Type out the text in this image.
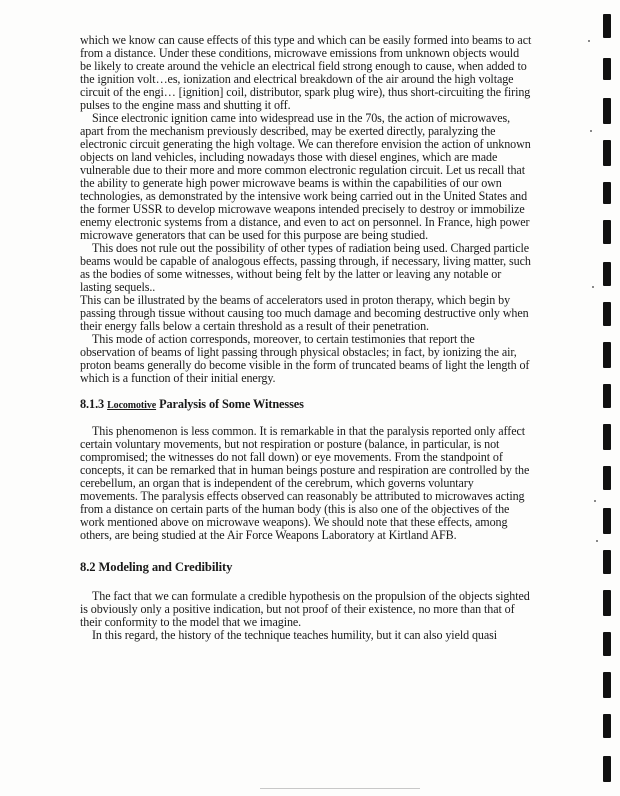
which we know can cause effects of this type and which can be easily formed into beams to act from a distance. Under these conditions, microwave emissions from unknown objects would be likely to create around the vehicle an electrical field strong enough to cause, when added to the ignition volt…es, ionization and electrical breakdown of the air around the high voltage circuit of the engi… [ignition] coil, distributor, spark plug wire), thus short-circuiting the firing pulses to the engine mass and shutting it off.

Since electronic ignition came into widespread use in the 70s, the action of microwaves, apart from the mechanism previously described, may be exerted directly, paralyzing the electronic circuit generating the high voltage. We can therefore envision the action of unknown objects on land vehicles, including nowadays those with diesel engines, which are made vulnerable due to their more and more common electronic regulation circuit. Let us recall that the ability to generate high power microwave beams is within the capabilities of our own technologies, as demonstrated by the intensive work being carried out in the United States and the former USSR to develop microwave weapons intended precisely to destroy or immobilize enemy electronic systems from a distance, and even to act on personnel. In France, high power microwave generators that can be used for this purpose are being studied.

This does not rule out the possibility of other types of radiation being used. Charged particle beams would be capable of analogous effects, passing through, if necessary, living matter, such as the bodies of some witnesses, without being felt by the latter or leaving any notable or lasting sequels..

This can be illustrated by the beams of accelerators used in proton therapy, which begin by passing through tissue without causing too much damage and becoming destructive only when their energy falls below a certain threshold as a result of their penetration.

This mode of action corresponds, moreover, to certain testimonies that report the observation of beams of light passing through physical obstacles; in fact, by ionizing the air, proton beams generally do become visible in the form of truncated beams of light the length of which is a function of their initial energy.

8.1.3 Locomotive Paralysis of Some Witnesses

This phenomenon is less common. It is remarkable in that the paralysis reported only affect certain voluntary movements, but not respiration or posture (balance, in particular, is not compromised; the witnesses do not fall down) or eye movements. From the standpoint of concepts, it can be remarked that in human beings posture and respiration are controlled by the cerebellum, an organ that is independent of the cerebrum, which governs voluntary movements. The paralysis effects observed can reasonably be attributed to microwaves acting from a distance on certain parts of the human body (this is also one of the objectives of the work mentioned above on microwave weapons). We should note that these effects, among others, are being studied at the Air Force Weapons Laboratory at Kirtland AFB.

8.2 Modeling and Credibility

The fact that we can formulate a credible hypothesis on the propulsion of the objects sighted is obviously only a positive indication, but not proof of their existence, no more than that of their conformity to the model that we imagine.

In this regard, the history of the technique teaches humility, but it can also yield quasi
